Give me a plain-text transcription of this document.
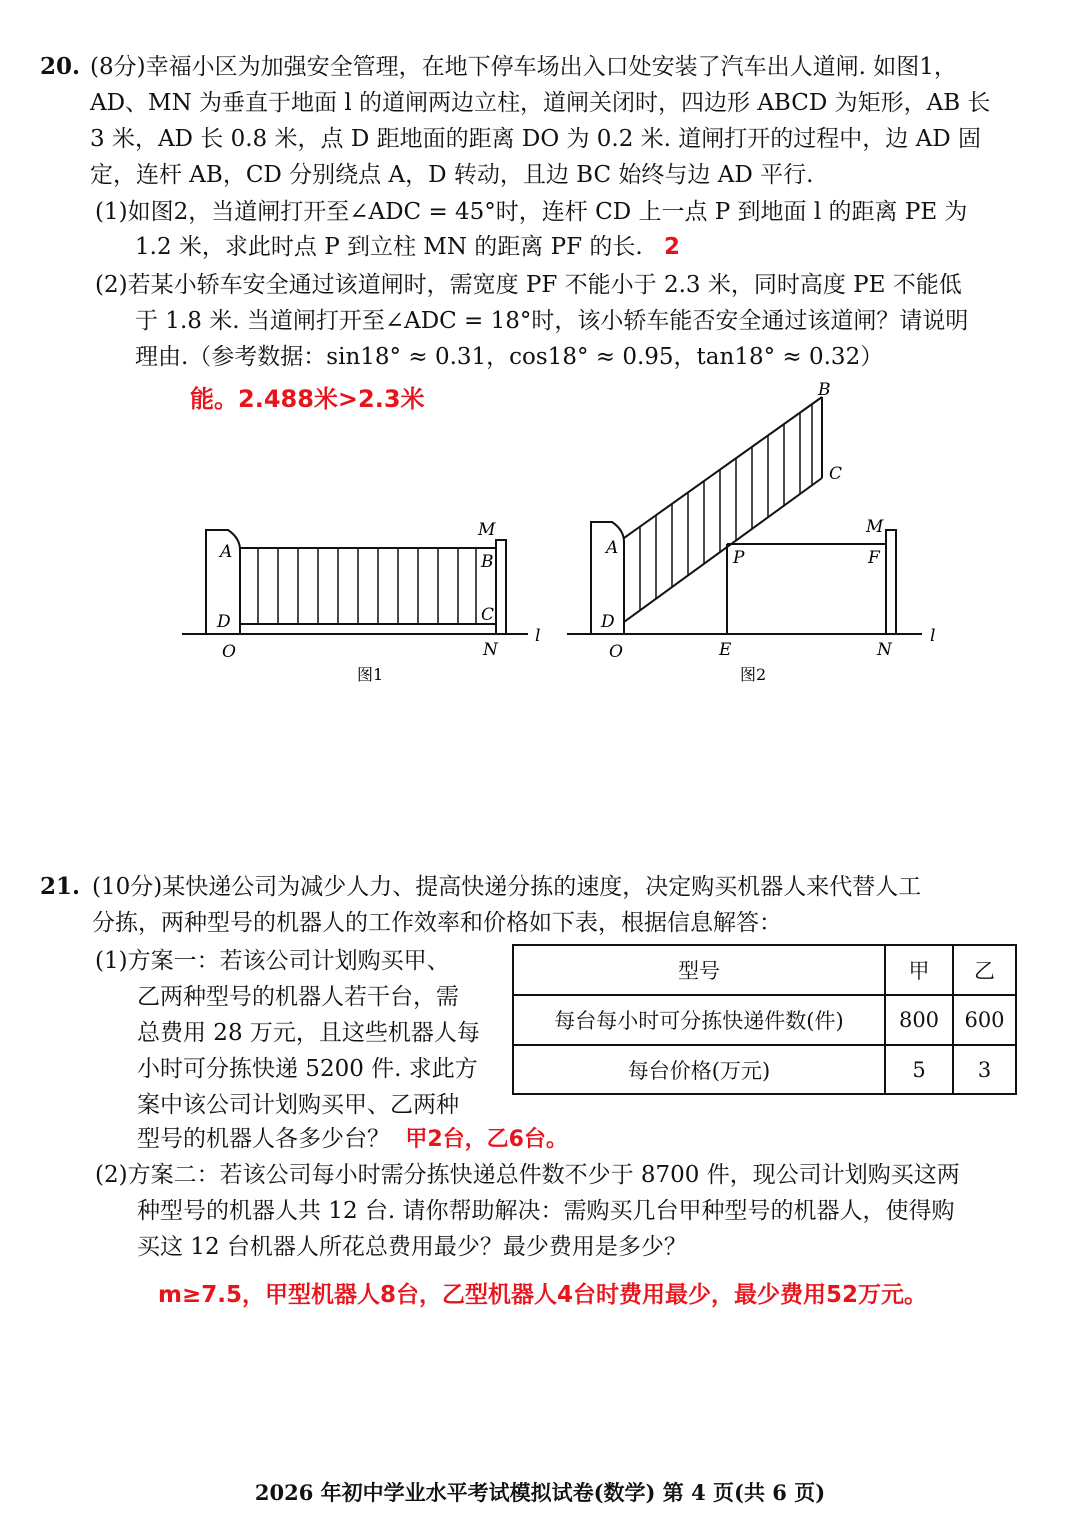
20. (8分)幸福小区为加强安全管理，在地下停车场出入口处安装了汽车出人道闸. 如图1，
AD、MN 为垂直于地面 l 的道闸两边立柱，道闸关闭时，四边形 ABCD 为矩形，AB 长
3 米，AD 长 0.8 米，点 D 距地面的距离 DO 为 0.2 米. 道闸打开的过程中，边 AD 固
定，连杆 AB，CD 分别绕点 A，D 转动，且边 BC 始终与边 AD 平行.
(1)如图2，当道闸打开至∠ADC = 45°时，连杆 CD 上一点 P 到地面 l 的距离 PE 为
1.2 米，求此时点 P 到立柱 MN 的距离 PF 的长. 2
(2)若某小轿车安全通过该道闸时，需宽度 PF 不能小于 2.3 米，同时高度 PE 不能低
于 1.8 米. 当道闸打开至∠ADC = 18°时，该小轿车能否安全通过该道闸？请说明
理由.（参考数据：sin18° ≈ 0.31，cos18° ≈ 0.95，tan18° ≈ 0.32）
能。2.488米>2.3米
A
D
O
M
B
C
N
l
图1
A
D
O
B
C
P
M
F
E	N
l
图2
21. (10分)某快递公司为减少人力、提高快递分拣的速度，决定购买机器人来代替人工
分拣，两种型号的机器人的工作效率和价格如下表，根据信息解答：
(1)方案一：若该公司计划购买甲、
乙两种型号的机器人若干台，需
总费用 28 万元，且这些机器人每
小时可分拣快递 5200 件. 求此方
案中该公司计划购买甲、乙两种
型号的机器人各多少台？ 甲2台，乙6台。
型号	甲	乙
每台每小时可分拣快递件数(件)	800	600
每台价格(万元)	5	3
(2)方案二：若该公司每小时需分拣快递总件数不少于 8700 件，现公司计划购买这两
种型号的机器人共 12 台. 请你帮助解决：需购买几台甲种型号的机器人，使得购
买这 12 台机器人所花总费用最少？最少费用是多少？
m≥7.5，甲型机器人8台，乙型机器人4台时费用最少，最少费用52万元。
2026 年初中学业水平考试模拟试卷(数学) 第 4 页(共 6 页)
